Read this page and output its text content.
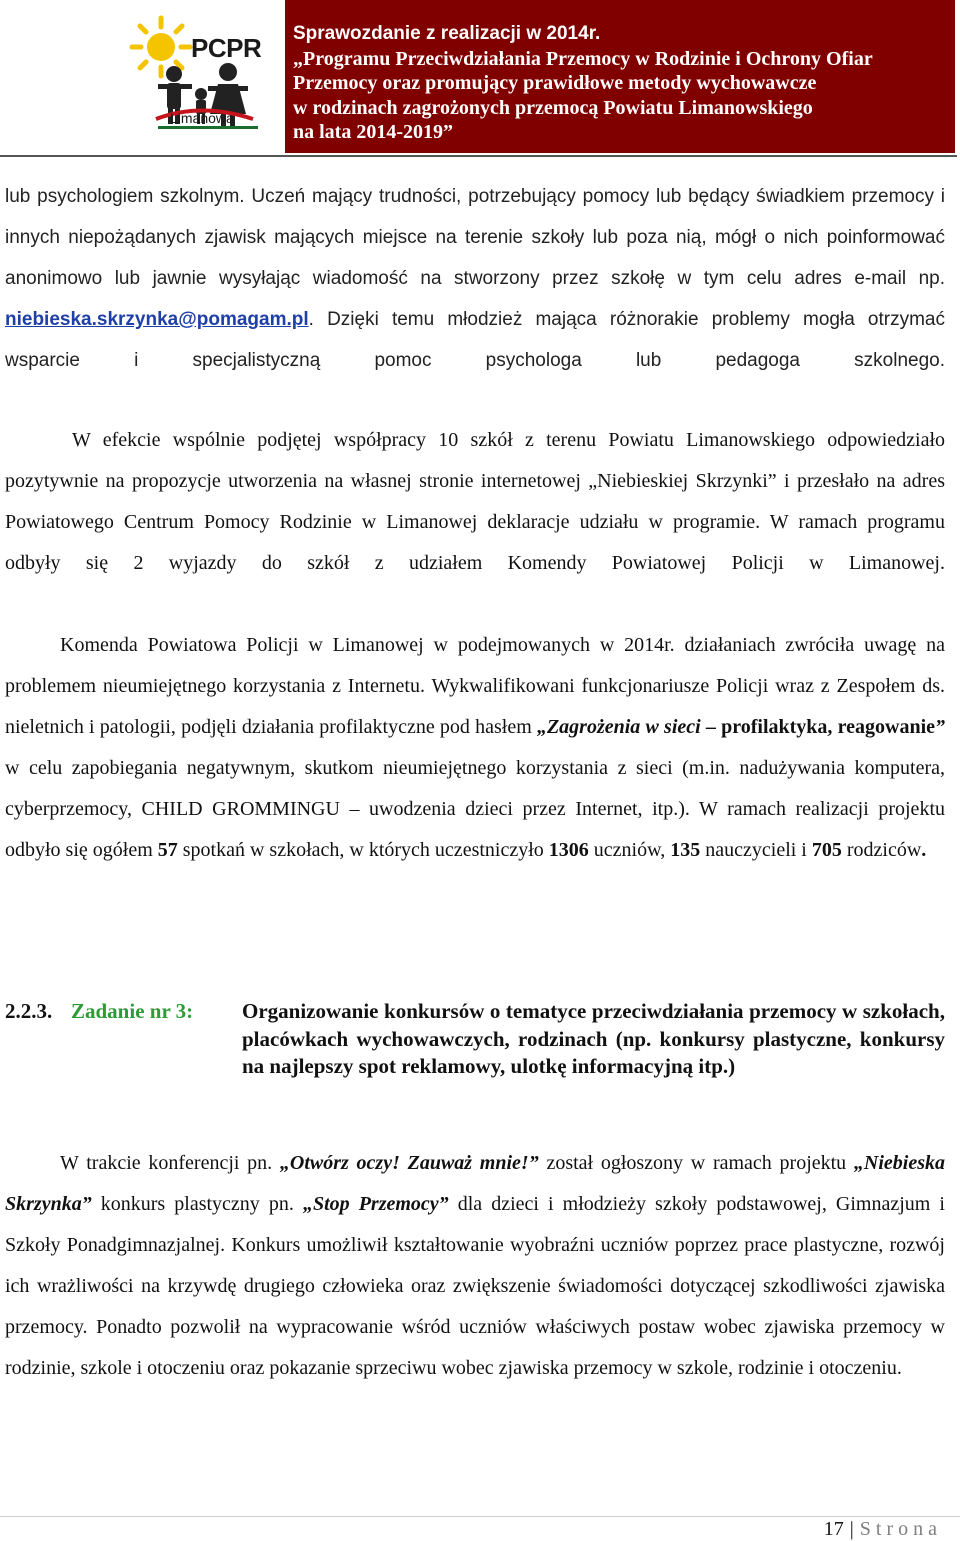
PCPR
Limanowa
Sprawozdanie z realizacji w 2014r.
„Programu Przeciwdziałania Przemocy w Rodzinie i Ochrony Ofiar
Przemocy oraz promujący prawidłowe metody wychowawcze
w rodzinach zagrożonych przemocą Powiatu Limanowskiego
na lata 2014-2019”

lub psychologiem szkolnym. Uczeń mający trudności, potrzebujący pomocy lub będący świadkiem przemocy i innych niepożądanych zjawisk mających miejsce na terenie szkoły lub poza nią, mógł o nich poinformować anonimowo lub jawnie wysyłając wiadomość na stworzony przez szkołę w tym celu adres e-mail np. niebieska.skrzynka@pomagam.pl. Dzięki temu młodzież mająca różnorakie problemy mogła otrzymać wsparcie i specjalistyczną pomoc psychologa lub pedagoga szkolnego.

W efekcie wspólnie podjętej współpracy 10 szkół z terenu Powiatu Limanowskiego odpowiedziało pozytywnie na propozycje utworzenia na własnej stronie internetowej „Niebieskiej Skrzynki” i przesłało na adres Powiatowego Centrum Pomocy Rodzinie w Limanowej deklaracje udziału w programie. W ramach programu odbyły się 2 wyjazdy do szkół z udziałem Komendy Powiatowej Policji w Limanowej.

Komenda Powiatowa Policji w Limanowej w podejmowanych w 2014r. działaniach zwróciła uwagę na problemem nieumiejętnego korzystania z Internetu. Wykwalifikowani funkcjonariusze Policji wraz z Zespołem ds. nieletnich i patologii, podjęli działania profilaktyczne pod hasłem „Zagrożenia w sieci – profilaktyka, reagowanie” w celu zapobiegania negatywnym, skutkom nieumiejętnego korzystania z sieci (m.in. nadużywania komputera, cyberprzemocy, CHILD GROMMINGU – uwodzenia dzieci przez Internet, itp.). W ramach realizacji projektu odbyło się ogółem 57 spotkań w szkołach, w których uczestniczyło 1306 uczniów, 135 nauczycieli i 705 rodziców.

2.2.3. Zadanie nr 3: Organizowanie konkursów o tematyce przeciwdziałania przemocy w szkołach, placówkach wychowawczych, rodzinach (np. konkursy plastyczne, konkursy na najlepszy spot reklamowy, ulotkę informacyjną itp.)

W trakcie konferencji pn. „Otwórz oczy! Zauważ mnie!” został ogłoszony w ramach projektu „Niebieska Skrzynka” konkurs plastyczny pn. „Stop Przemocy” dla dzieci i młodzieży szkoły podstawowej, Gimnazjum i Szkoły Ponadgimnazjalnej. Konkurs umożliwił kształtowanie wyobraźni uczniów poprzez prace plastyczne, rozwój ich wrażliwości na krzywdę drugiego człowieka oraz zwiększenie świadomości dotyczącej szkodliwości zjawiska przemocy. Ponadto pozwolił na wypracowanie wśród uczniów właściwych postaw wobec zjawiska przemocy w rodzinie, szkole i otoczeniu oraz pokazanie sprzeciwu wobec zjawiska przemocy w szkole, rodzinie i otoczeniu.

17 | Strona
